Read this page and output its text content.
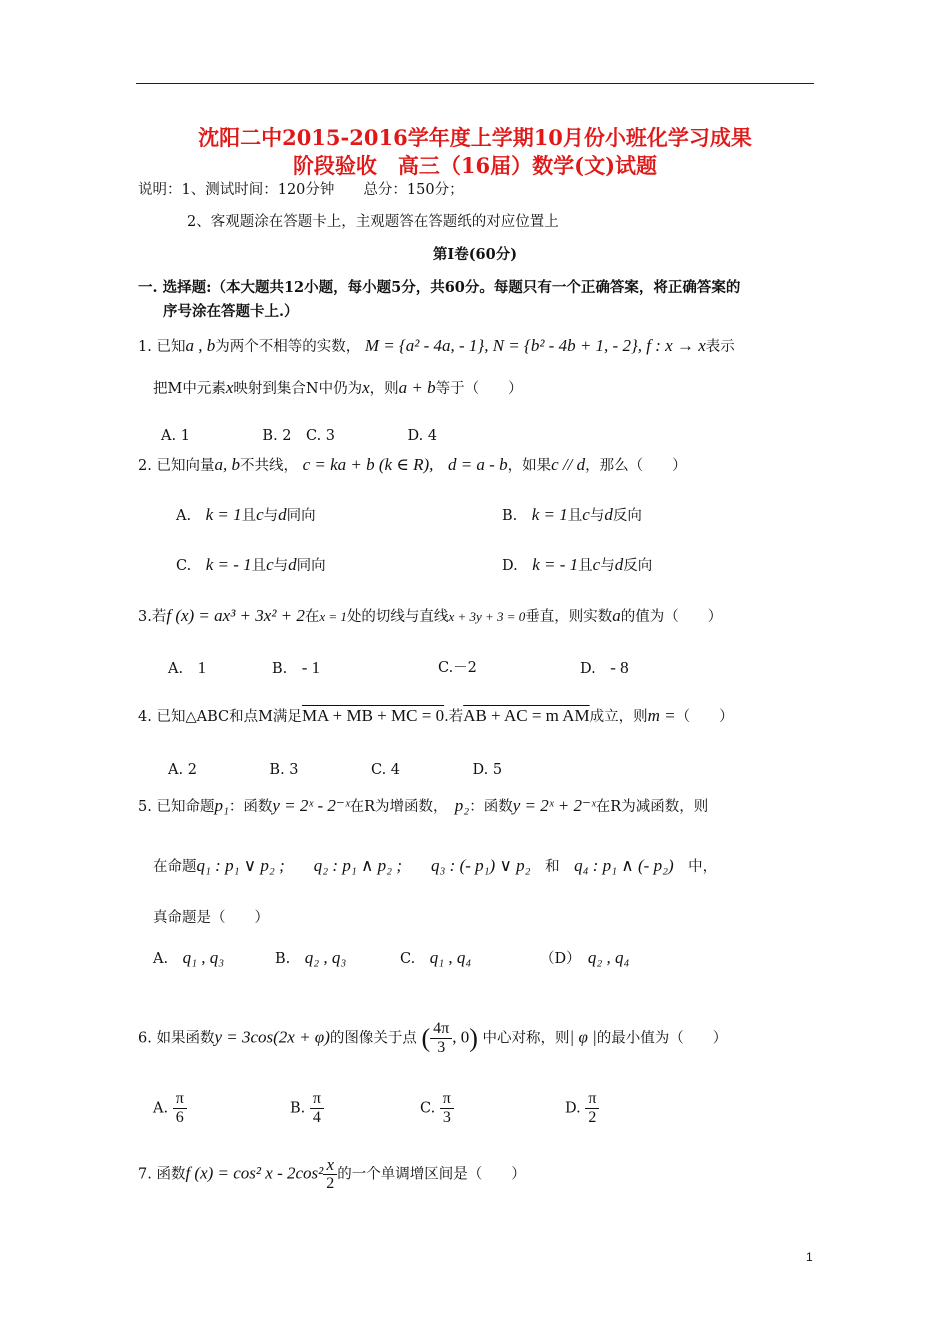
沈阳二中2015-2016学年度上学期10月份小班化学习成果
阶段验收　高三（16届）数学(文)试题
说明：1、测试时间：120分钟　　总分：150分；
2、客观题涂在答题卡上，主观题答在答题纸的对应位置上
第Ⅰ卷(60分)
一. 选择题:（本大题共12小题，每小题5分，共60分。每题只有一个正确答案，将正确答案的
序号涂在答题卡上.）
1. 已知a , b为两个不相等的实数， M = {a² - 4a, - 1}, N = {b² - 4b + 1, - 2}, f : x → x表示
把M中元素x映射到集合N中仍为x，则a + b等于（　　）
A. 1　　　　　B. 2　C. 3　　　　　D. 4
2. 已知向量a, b不共线， c = ka + b (k ∈ R),　 d = a - b，如果c // d，那么（　　）
A.　 k = 1且c与d同向	B.　 k = 1且c与d反向
C.　 k = - 1且c与d同向	D.　 k = - 1且c与d反向
3.若f (x) = ax³ + 3x² + 2在x = 1处的切线与直线x + 3y + 3 = 0垂直，则实数a的值为（　　）
A.　 1	B.　 - 1	C.－2	D.　 - 8
4. 已知△ABC和点M满足MA + MB + MC = 0.若AB + AC = m AM成立，则m =（　　）
A. 2　　　　　B. 3　　　　　C. 4　　　　　D. 5
5. 已知命题p₁：函数y = 2ˣ - 2⁻ˣ在R为增函数，　 p₂：函数y = 2ˣ + 2⁻ˣ在R为减函数，则
在命题q₁ : p₁ ∨ p₂ ;　　 q₂ : p₁ ∧ p₂ ;　　 q₃ : (- p₁) ∨ p₂　 和　 q₄ : p₁ ∧ (- p₂)　 中，
真命题是（　　）
A.　 q₁ , q₃	B.　 q₂ , q₃	C.　 q₁ , q₄	（D）　 q₂ , q₄
6. 如果函数y = 3cos(2x + φ)的图像关于点 ( $\frac{4\pi}{3}$ , 0) 中心对称，则| φ |的最小值为（　　）
A. $\frac{\pi}{6}$	B. $\frac{\pi}{4}$	C. $\frac{\pi}{3}$	D. $\frac{\pi}{2}$
7. 函数f (x) = cos² x - $2\cos^2 \frac{x}{2}$ 的一个单调增区间是（　　）
1
